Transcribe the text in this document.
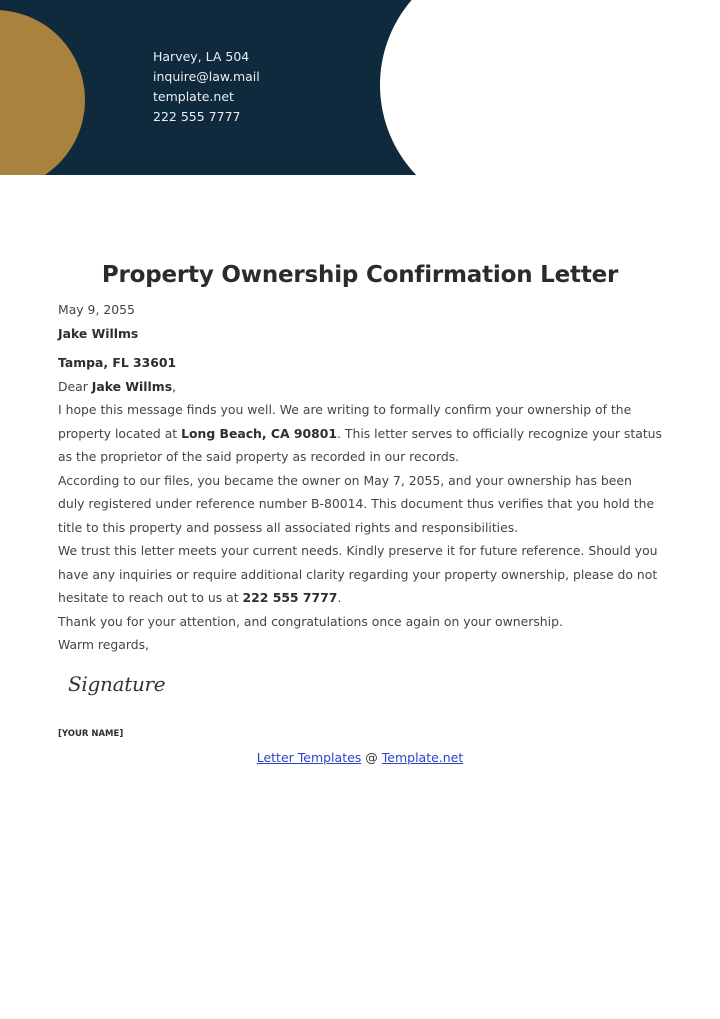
Harvey, LA 504
inquire@law.mail
template.net
222 555 7777
Property Ownership Confirmation Letter
May 9, 2055
Jake Willms
Tampa, FL 33601
Dear Jake Willms,
I hope this message finds you well. We are writing to formally confirm your ownership of the
property located at Long Beach, CA 90801. This letter serves to officially recognize your status
as the proprietor of the said property as recorded in our records.
According to our files, you became the owner on May 7, 2055, and your ownership has been
duly registered under reference number B-80014. This document thus verifies that you hold the
title to this property and possess all associated rights and responsibilities.
We trust this letter meets your current needs. Kindly preserve it for future reference. Should you
have any inquiries or require additional clarity regarding your property ownership, please do not
hesitate to reach out to us at 222 555 7777.
Thank you for your attention, and congratulations once again on your ownership.
Warm regards,
Signature
[YOUR NAME]
Letter Templates @ Template.net
